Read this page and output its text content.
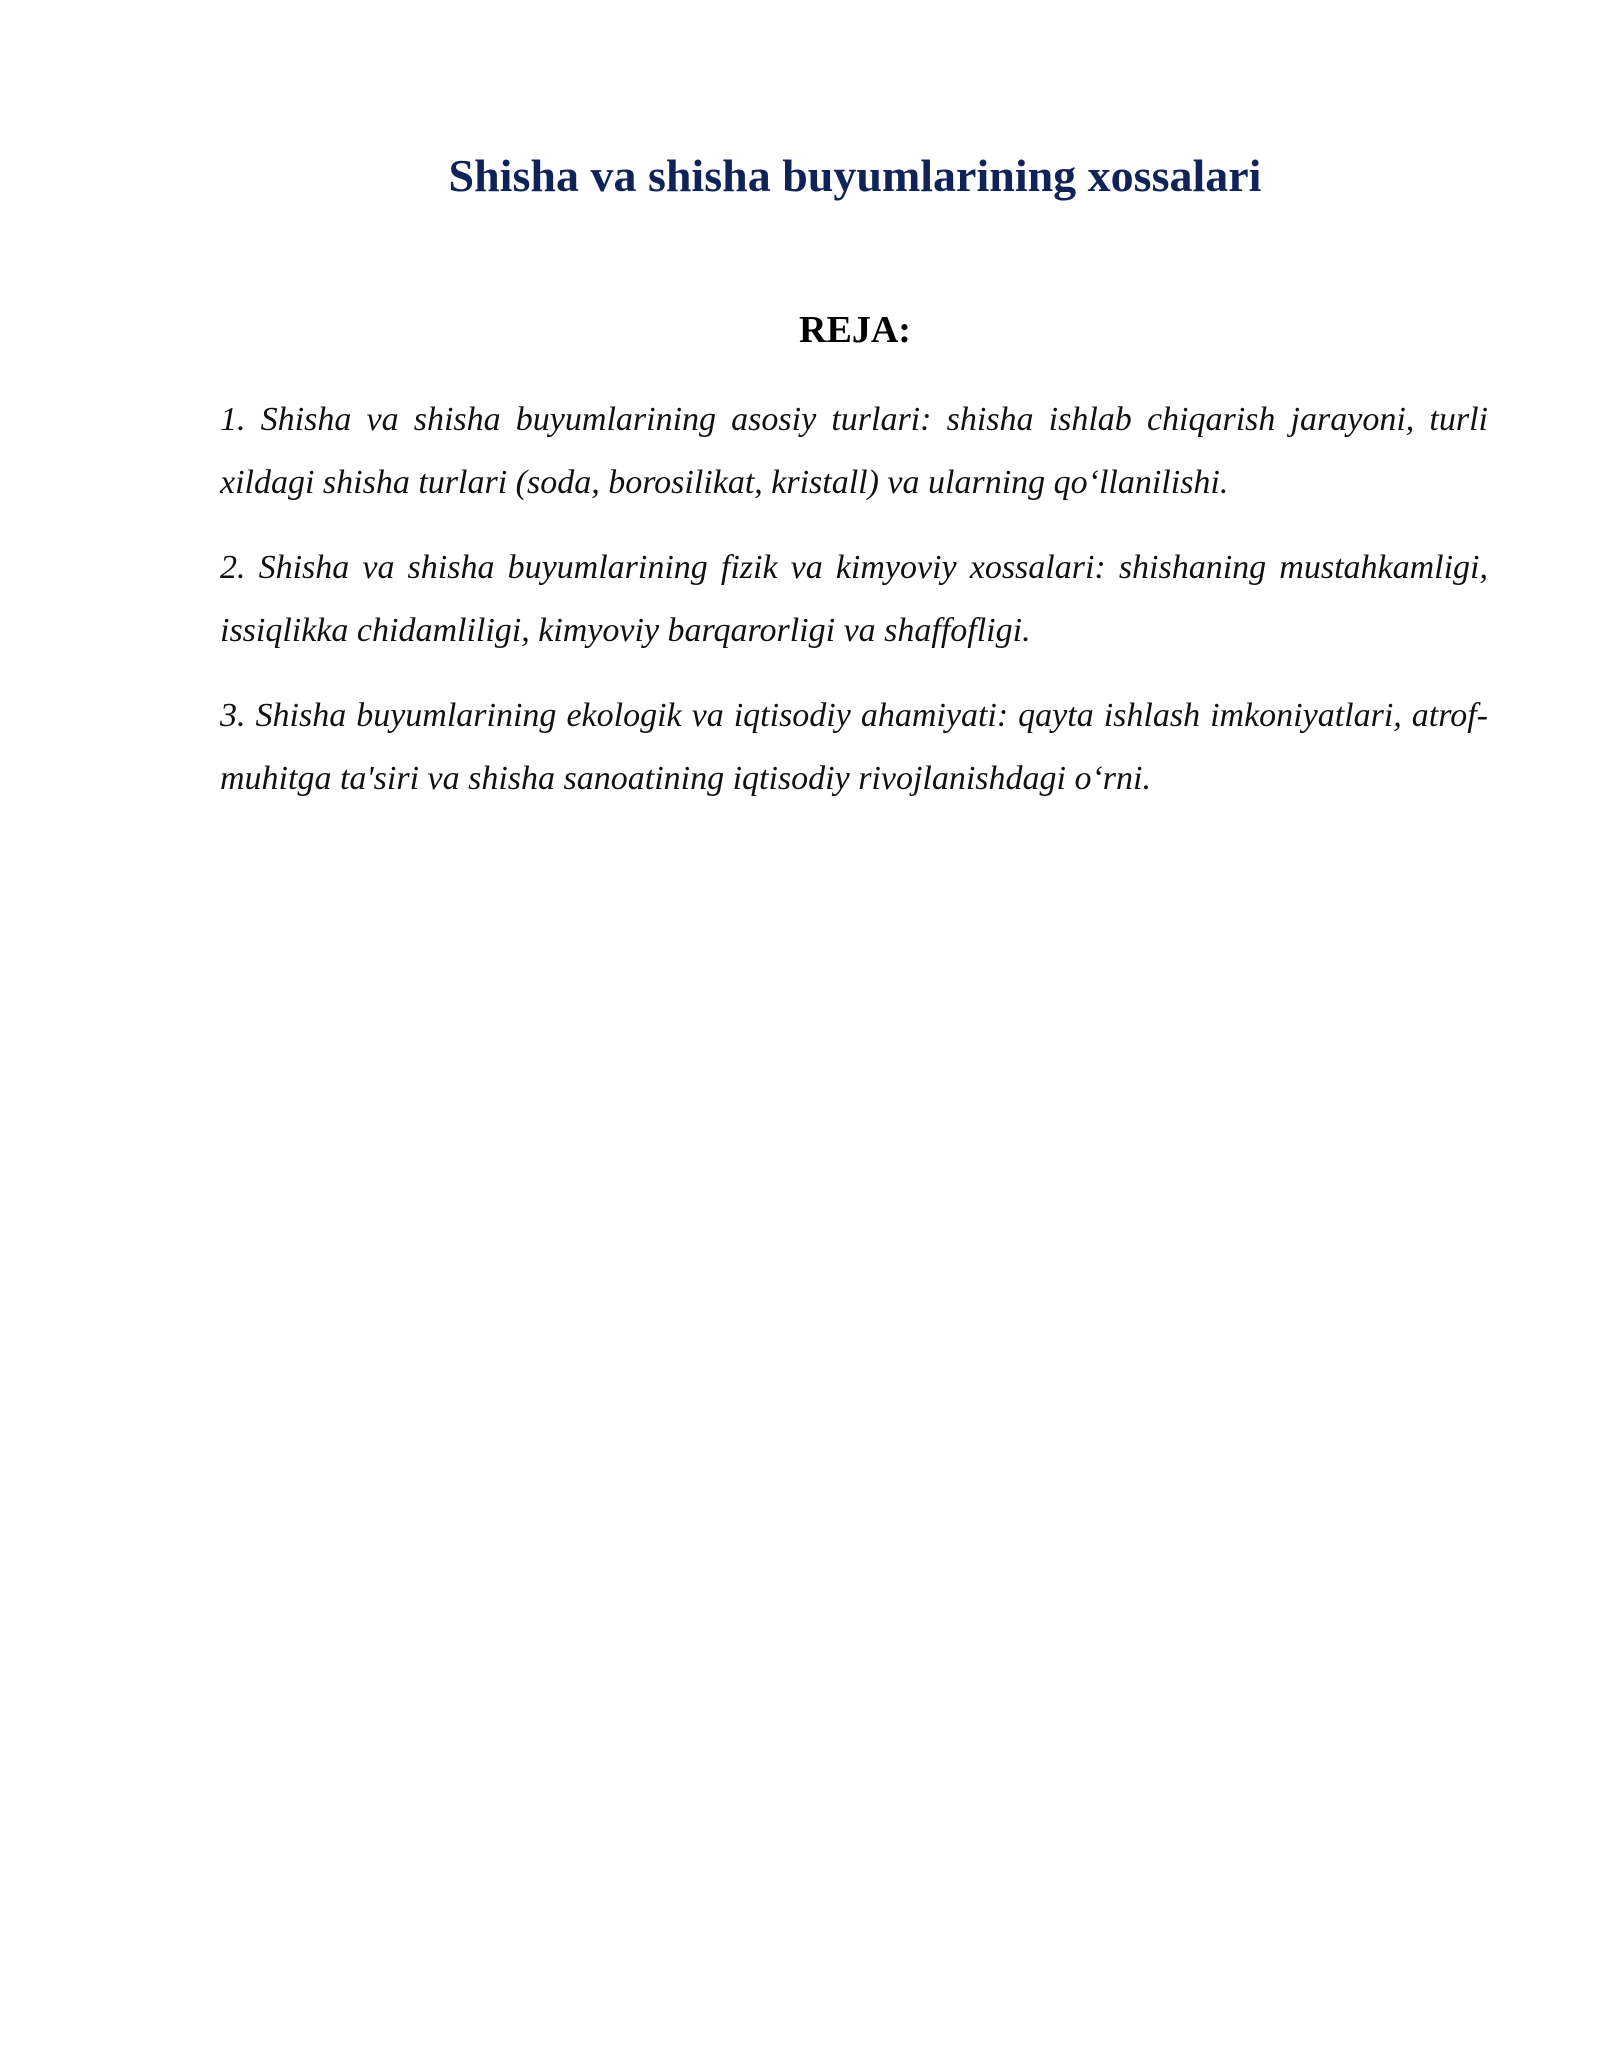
Shisha va shisha buyumlarining xossalari
REJA:
1. Shisha va shisha buyumlarining asosiy turlari: shisha ishlab chiqarish jarayoni, turli xildagi shisha turlari (soda, borosilikat, kristall) va ularning qo‘llanilishi.
2. Shisha va shisha buyumlarining fizik va kimyoviy xossalari: shishaning mustahkamligi, issiqlikka chidamliligi, kimyoviy barqarorligi va shaffofligi.
3. Shisha buyumlarining ekologik va iqtisodiy ahamiyati: qayta ishlash imkoniyatlari, atrof-muhitga ta'siri va shisha sanoatining iqtisodiy rivojlanishdagi o‘rni.
